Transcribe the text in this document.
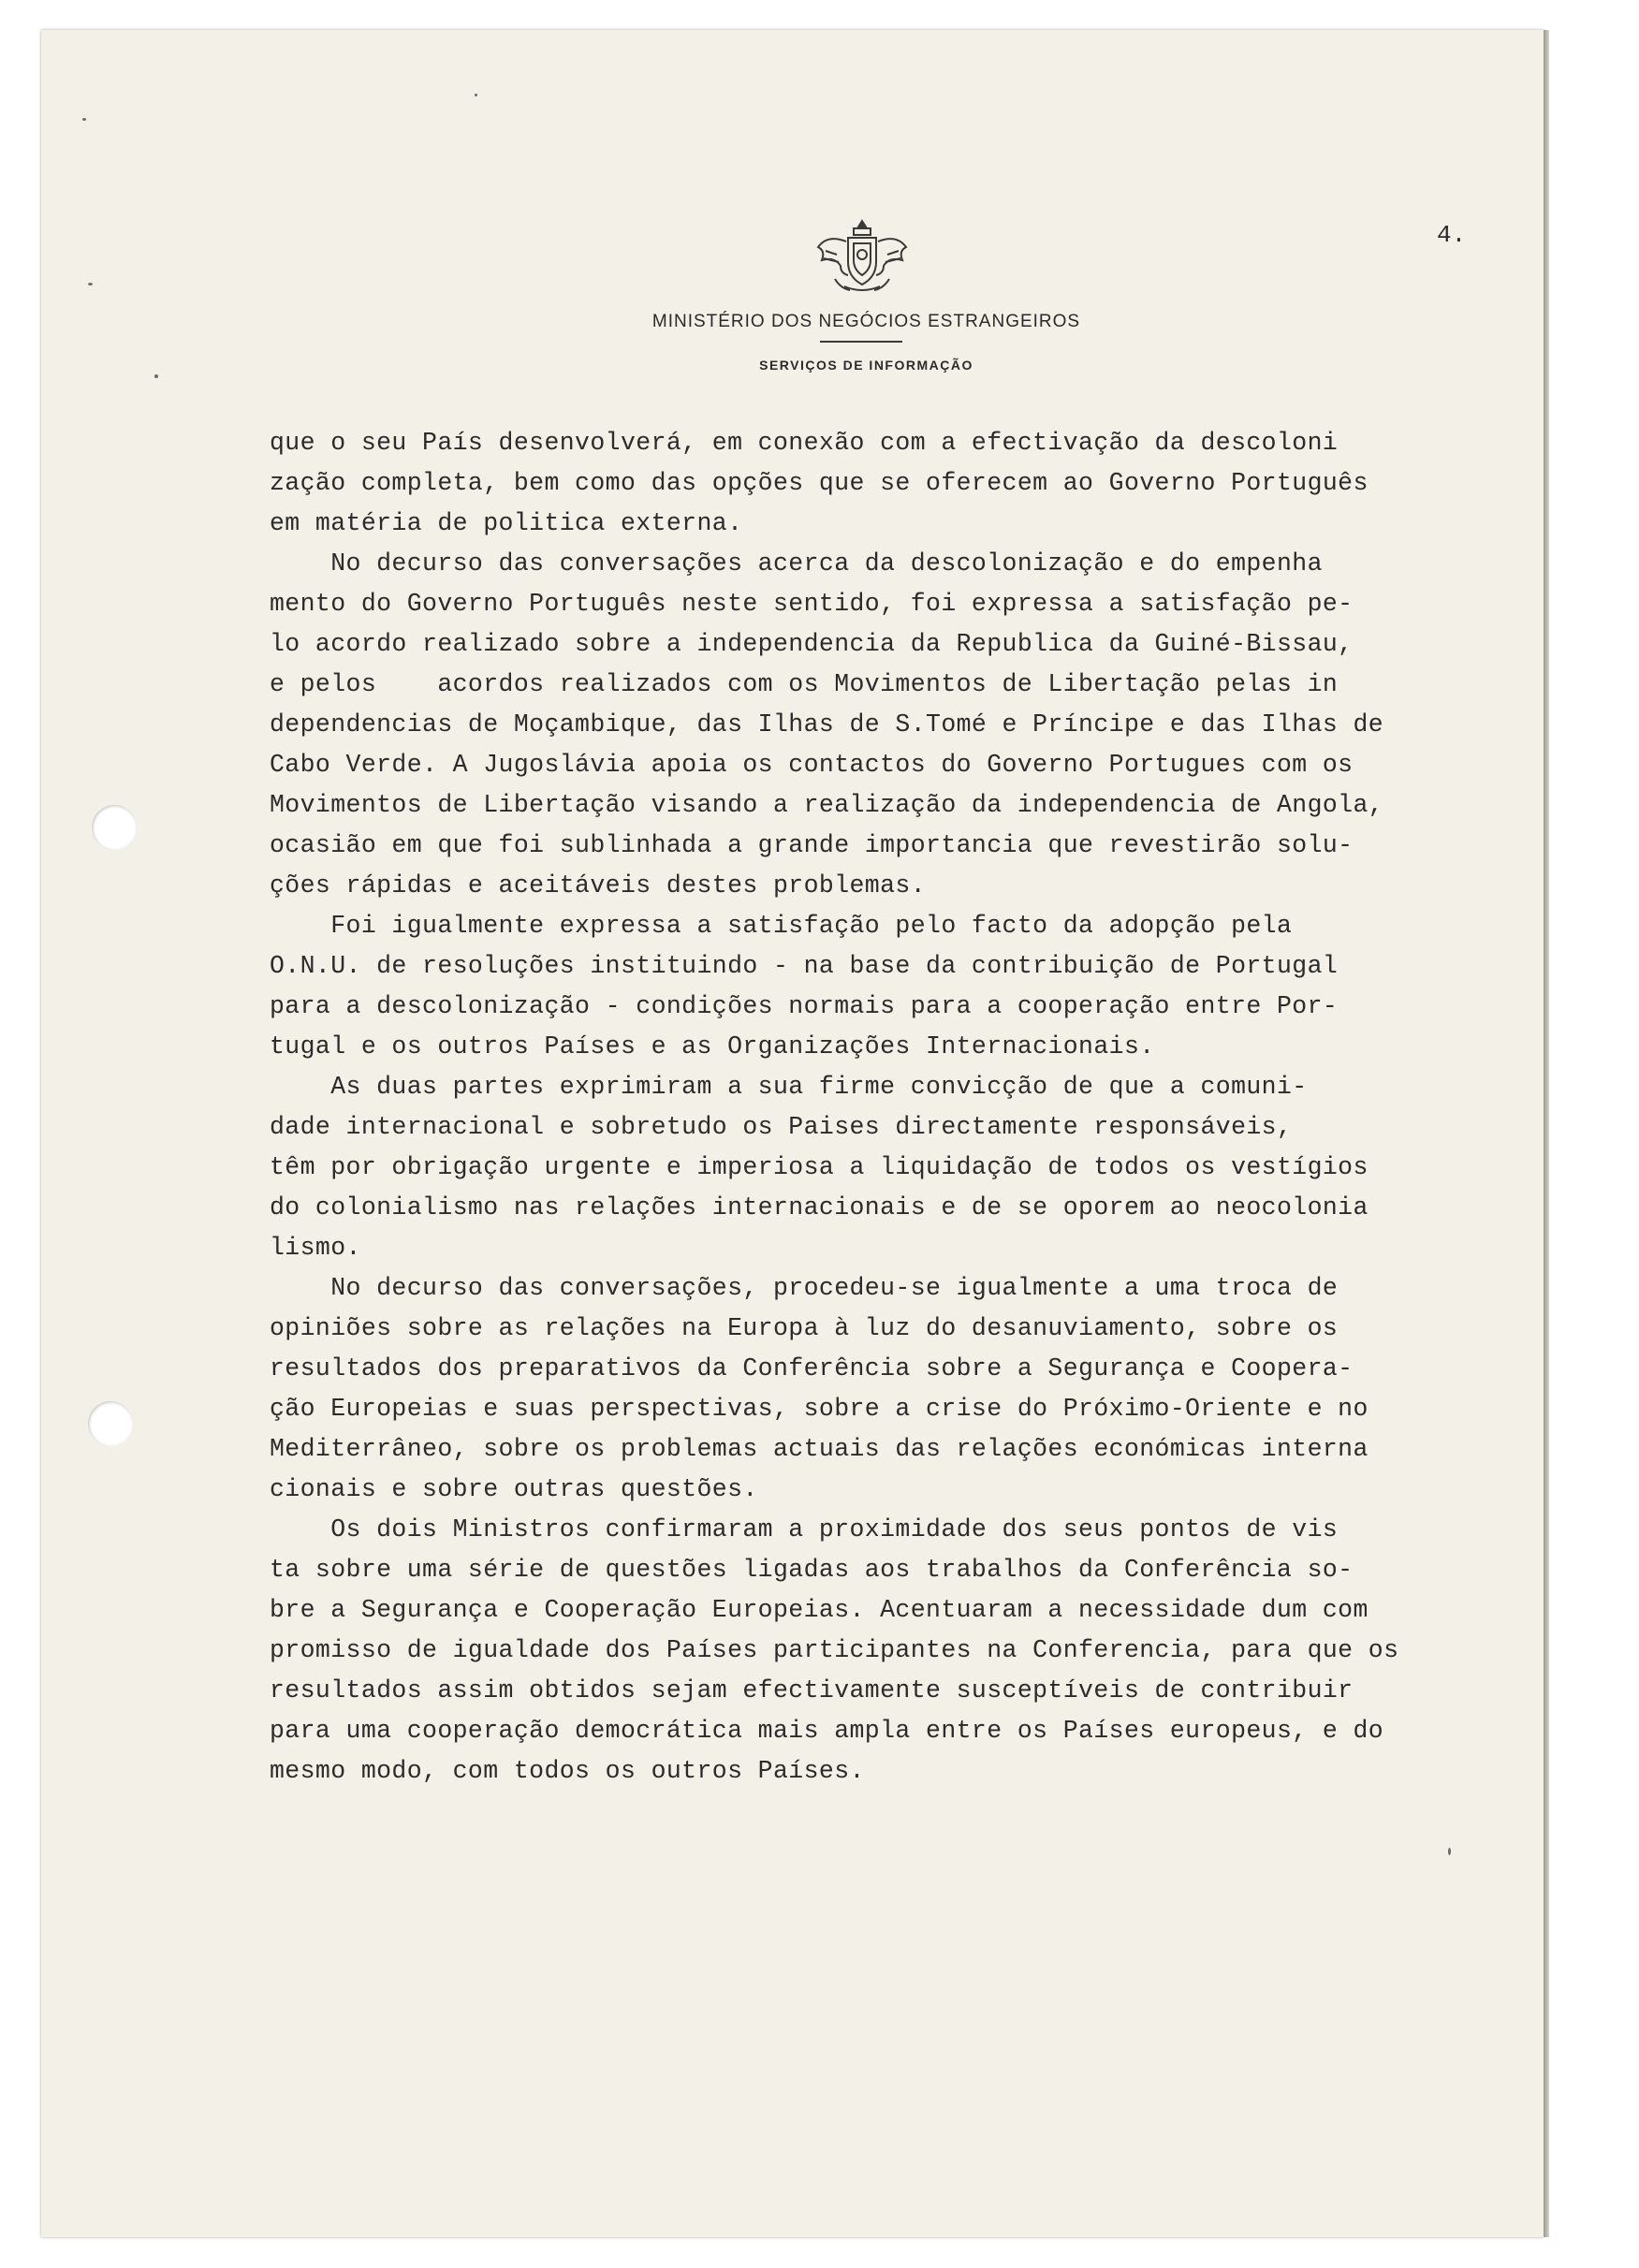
MINISTÉRIO DOS NEGÓCIOS ESTRANGEIROS
SERVIÇOS DE INFORMAÇÃO
4.
que o seu País desenvolverá, em conexão com a efectivação da descoloni
zação completa, bem como das opções que se oferecem ao Governo Português
em matéria de politica externa.
No decurso das conversações acerca da descolonização e do empenha
mento do Governo Português neste sentido, foi expressa a satisfação pe-
lo acordo realizado sobre a independencia da Republica da Guiné-Bissau,
e pelos    acordos realizados com os Movimentos de Libertação pelas in
dependencias de Moçambique, das Ilhas de S.Tomé e Príncipe e das Ilhas de
Cabo Verde. A Jugoslávia apoia os contactos do Governo Portugues com os
Movimentos de Libertação visando a realização da independencia de Angola,
ocasião em que foi sublinhada a grande importancia que revestirão solu-
ções rápidas e aceitáveis destes problemas.
Foi igualmente expressa a satisfação pelo facto da adopção pela
O.N.U. de resoluções instituindo - na base da contribuição de Portugal
para a descolonização - condições normais para a cooperação entre Por-
tugal e os outros Países e as Organizações Internacionais.
As duas partes exprimiram a sua firme convicção de que a comuni-
dade internacional e sobretudo os Paises directamente responsáveis,
têm por obrigação urgente e imperiosa a liquidação de todos os vestígios
do colonialismo nas relações internacionais e de se oporem ao neocolonia
lismo.
No decurso das conversações, procedeu-se igualmente a uma troca de
opiniões sobre as relações na Europa à luz do desanuviamento, sobre os
resultados dos preparativos da Conferência sobre a Segurança e Coopera-
ção Europeias e suas perspectivas, sobre a crise do Próximo-Oriente e no
Mediterrâneo, sobre os problemas actuais das relações económicas interna
cionais e sobre outras questões.
Os dois Ministros confirmaram a proximidade dos seus pontos de vis
ta sobre uma série de questões ligadas aos trabalhos da Conferência so-
bre a Segurança e Cooperação Europeias. Acentuaram a necessidade dum com
promisso de igualdade dos Países participantes na Conferencia, para que os
resultados assim obtidos sejam efectivamente susceptíveis de contribuir
para uma cooperação democrática mais ampla entre os Países europeus, e do
mesmo modo, com todos os outros Países.
